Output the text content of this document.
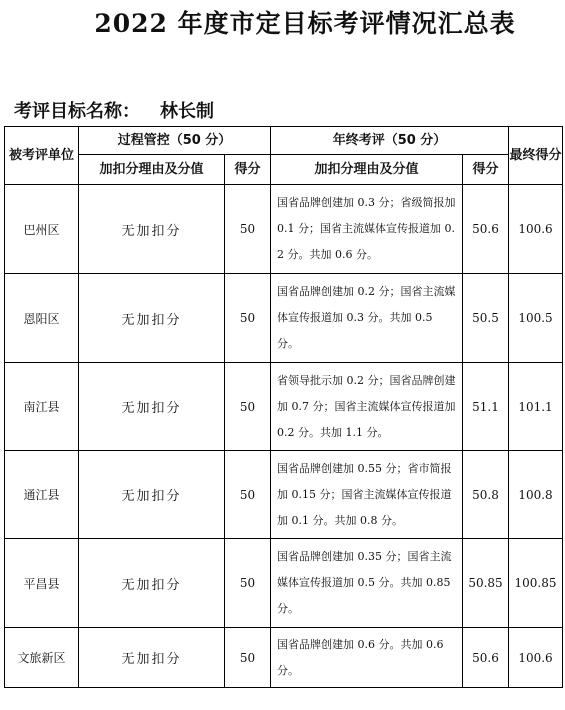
2022 年度市定目标考评情况汇总表
考评目标名称： 林长制
被考评单位	过程管控（50 分）		年终考评（50 分）		最终得分
	加扣分理由及分值	得分	加扣分理由及分值	得分	
巴州区	无加扣分	50	国省品牌创建加 0.3 分；省级简报加 0.1 分；国省主流媒体宣传报道加 0.2 分。共加 0.6 分。	50.6	100.6
恩阳区	无加扣分	50	国省品牌创建加 0.2 分；国省主流媒体宣传报道加 0.3 分。共加 0.5 分。	50.5	100.5
南江县	无加扣分	50	省领导批示加 0.2 分；国省品牌创建加 0.7 分；国省主流媒体宣传报道加 0.2 分。共加 1.1 分。	51.1	101.1
通江县	无加扣分	50	国省品牌创建加 0.55 分；省市简报加 0.15 分；国省主流媒体宣传报道加 0.1 分。共加 0.8 分。	50.8	100.8
平昌县	无加扣分	50	国省品牌创建加 0.35 分；国省主流媒体宣传报道加 0.5 分。共加 0.85 分。	50.85	100.85
文旅新区	无加扣分	50	国省品牌创建加 0.6 分。共加 0.6 分。	50.6	100.6
